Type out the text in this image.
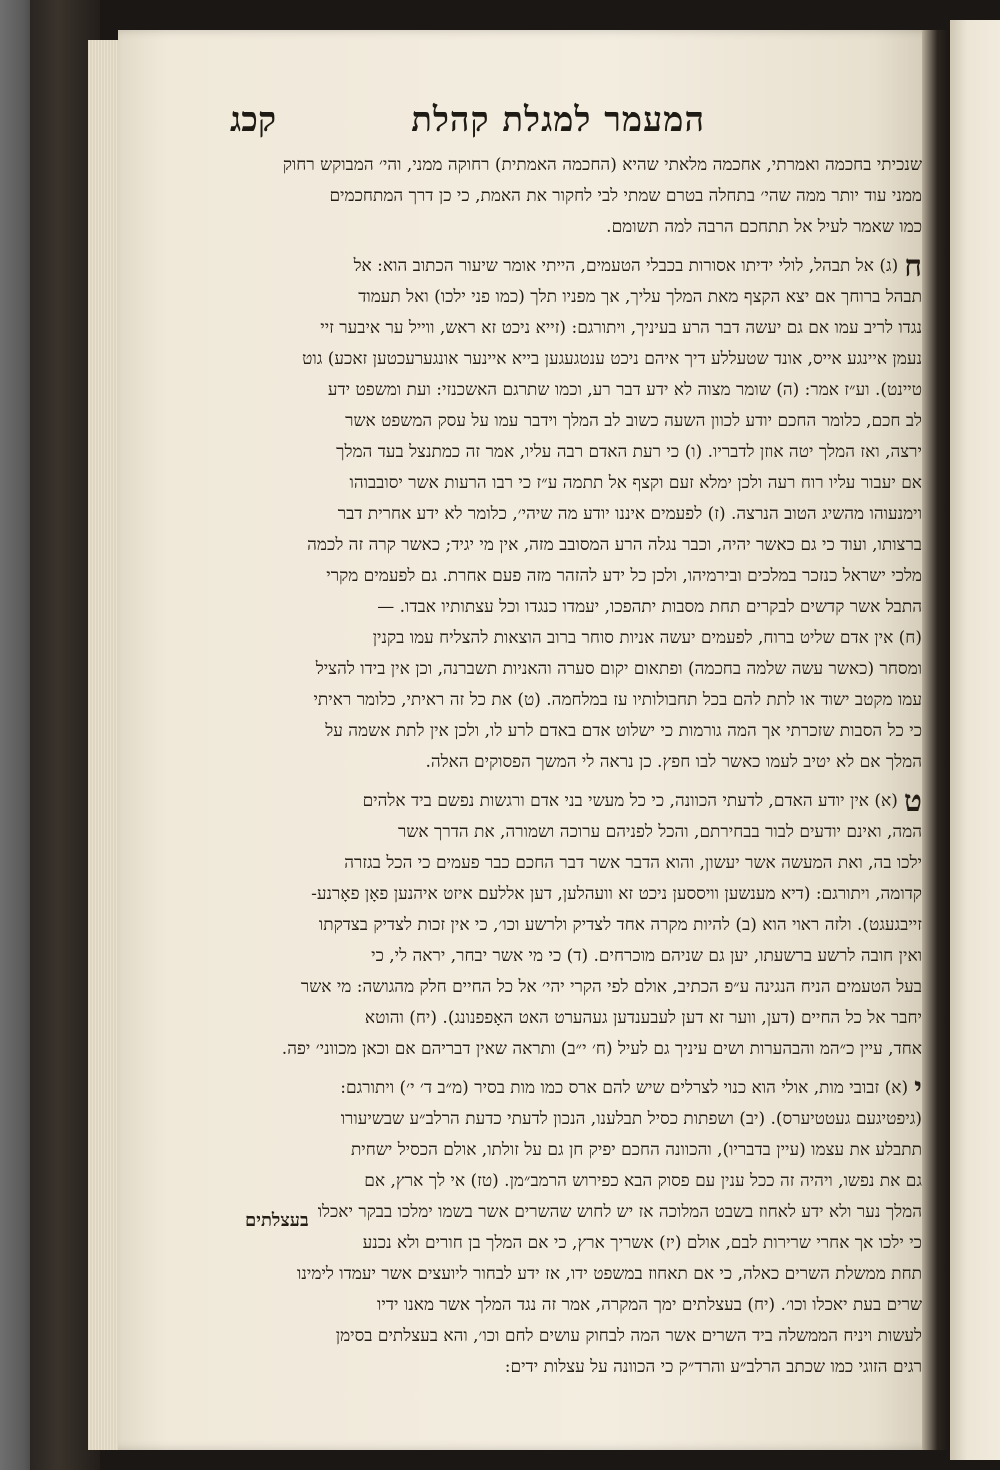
קכג	המעמר למגלת קהלת
שנכיתי בחכמה ואמרתי, אחכמה מלאתי שהיא (החכמה האמתית) רחוקה ממני, והי׳ המבוקש רחוק
ממני עוד יותר ממה שהי׳ בתחלה בטרם שמתי לבי לחקור את האמת, כי כן דרך המתחכמים
כמו שאמר לעיל אל תתחכם הרבה למה תשומם.
ח(ג) אל תבהל, לולי ידיתו אסורות בכבלי הטעמים, הייתי אומר שיעור הכתוב הוא: אל
תבהל ברוחך אם יצא הקצף מאת המלך עליך, אך מפניו תלך (כמו פני ילכו) ואל תעמוד
נגדו לריב עמו אם גם יעשה דבר הרע בעיניך, ויתורגם: (זייא ניכט זא ראש, ווייל ער איבער זיי
נעמן איינגע אייס, אונד שטעללע דיך איהם ניכט ענטגעגען בייא איינער אונגערעכטען זאכע) גוט
טיינט). וע״ז אמר: (ה) שומר מצוה לא ידע דבר רע, וכמו שתרגם האשכנזי: ועת ומשפט ידע
לב חכם, כלומר החכם יודע לכוון השעה כשוב לב המלך וידבר עמו על עסק המשפט אשר
ירצה, ואז המלך יטה אוזן לדבריו. (ו) כי רעת האדם רבה עליו, אמר זה כמתנצל בעד המלך
אם יעבור עליו רוח רעה ולכן ימלא זעם וקצף אל תתמה ע״ז כי רבו הרעות אשר יסובבוהו
וימנעוהו מהשיג הטוב הנרצה. (ז) לפעמים איננו יודע מה שיהי׳, כלומר לא ידע אחרית דבר
ברצותו, ועוד כי גם כאשר יהיה, וכבר נגלה הרע המסובב מזה, אין מי יגיד; כאשר קרה זה לכמה
מלכי ישראל כנזכר במלכים ובירמיהו, ולכן כל ידע להזהר מזה פעם אחרת. גם לפעמים מקרי
התבל אשר קדשים לבקרים תחת מסבות יתהפכו, יעמדו כנגדו וכל עצתותיו אבדו. —
(ח) אין אדם שליט ברוח, לפעמים יעשה אניות סוחר ברוב הוצאות להצליח עמו בקנין
ומסחר (כאשר עשה שלמה בחכמה) ופתאום יקום סערה והאניות תשברנה, וכן אין בידו להציל
עמו מקטב ישוד או לתת להם בכל תחבולותיו עז במלחמה. (ט) את כל זה ראיתי, כלומר ראיתי
כי כל הסבות שזכרתי אך המה גורמות כי ישלוט אדם באדם לרע לו, ולכן אין לתת אשמה על
המלך אם לא יטיב לעמו כאשר לבו חפץ. כן נראה לי המשך הפסוקים האלה.
ט(א) אין יודע האדם, לדעתי הכוונה, כי כל מעשי בני אדם ורגשות נפשם ביד אלהים
המה, ואינם יודעים לבור בבחירתם, והכל לפניהם ערוכה ושמורה, את הדרך אשר
ילכו בה, ואת המעשה אשר יעשון, והוא הדבר אשר דבר החכם כבר פעמים כי הכל בגזרה
קדומה, ויתורגם: (דיא מענשען וויססען ניכט זא וועהלען, דען אללעם איזט איהנען פאָן פאָרנע-
זייבגעגט). ולזה ראוי הוא (ב) להיות מקרה אחד לצדיק ולרשע וכו׳, כי אין זכות לצדיק בצדקתו
ואין חובה לרשע ברשעתו, יען גם שניהם מוכרחים. (ד) כי מי אשר יבחר, יראה לי, כי
בעל הטעמים הניח הנגינה ע״פ הכתיב, אולם לפי הקרי יהי׳ אל כל החיים חלק מהגושה: מי אשר
יחבר אל כל החיים (דען, ווער זא דען לעבענדען געהערט האט האָפפנונג). (יח) והוטא
אחד, עיין כ״המ והבהערות ושים עיניך גם לעיל (ח׳ י״ב) ותראה שאין דבריהם אם וכאן מכווני׳ יפה.
י(א) זבובי מות, אולי הוא כנוי לצרלים שיש להם ארס כמו מות בסיר (מ״ב ד׳ י׳) ויתורגם:
(גיפטיגעם געטטיערס). (יב) ושפתות כסיל תבלענו, הנכון לדעתי כדעת הרלב״ע שבשיעורו
תתבלע את עצמו (עיין בדבריו), והכוונה החכם יפיק חן גם על זולתו, אולם הכסיל ישחית
גם את נפשו, ויהיה זה ככל ענין עם פסוק הבא כפירוש הרמב״מן. (טז) אי לך ארץ, אם
המלך נער ולא ידע לאחוז בשבט המלוכה אז יש לחוש שהשרים אשר בשמו ימלכו בבקר יאכלו
כי ילכו אך אחרי שרירות לבם, אולם (יז) אשריך ארץ, כי אם המלך בן חורים ולא נכנע
תחת ממשלת השרים כאלה, כי אם תאחוז במשפט ידו, אז ידע לבחור ליועצים אשר יעמדו לימינו
שרים בעת יאכלו וכו׳. (יח) בעצלתים ימך המקרה, אמר זה נגד המלך אשר מאנו ידיו
לעשות ויניח הממשלה ביד השרים אשר המה לבחוק עושים לחם וכו׳, והא בעצלתים בסימן
רגים הזוגי כמו שכתב הרלב״ע והרד״ק כי הכוונה על עצלות ידים:
בעצלתים
